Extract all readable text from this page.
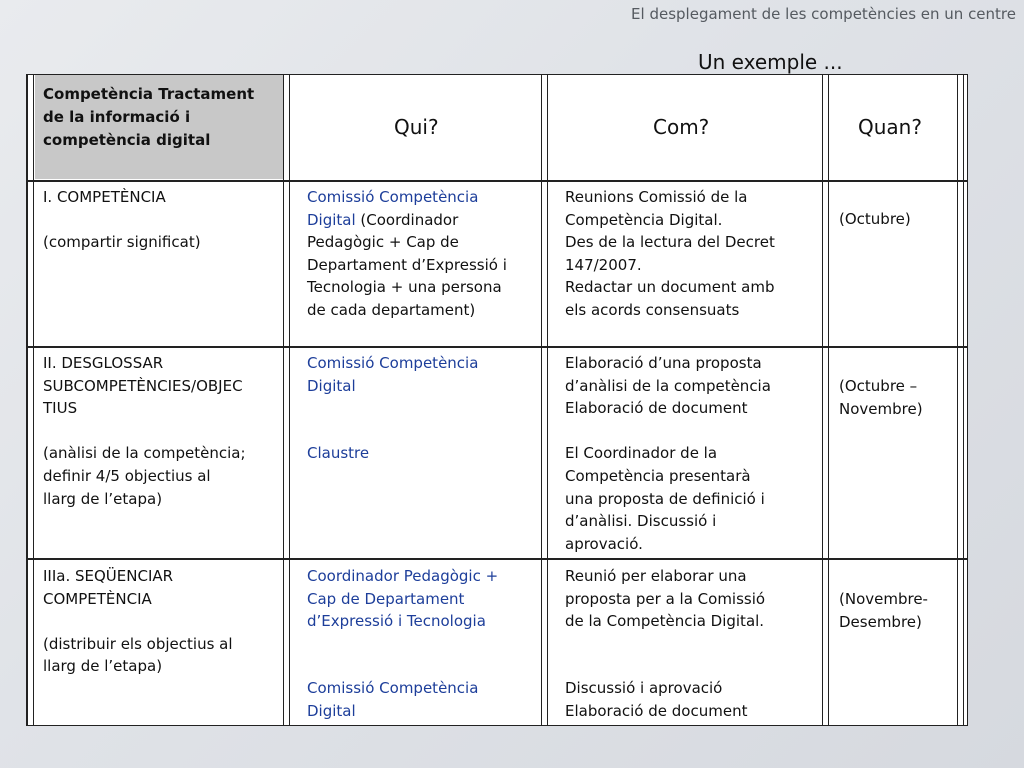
El desplegament de les competències en un centre
Un exemple ...

Competència Tractament

de la informació i

competència digital

Qui?	Com?	Quan?

I. COMPETÈNCIA

(compartir significat)

Comissió Competència

Digital (Coordinador

Pedagògic + Cap de

Departament d’Expressió i

Tecnologia + una persona

de cada departament)

Reunions Comissió de la

Competència Digital.

Des de la lectura del Decret

147/2007.

Redactar un document amb

els acords consensuats

(Octubre)

II. DESGLOSSAR

SUBCOMPETÈNCIES/OBJEC

TIUS

(anàlisi de la competència;

definir 4/5 objectius al

llarg de l’etapa)

Comissió Competència

Digital

Claustre

Elaboració d’una proposta

d’anàlisi de la competència

Elaboració de document

El Coordinador de la

Competència presentarà

una proposta de definició i

d’anàlisi. Discussió i

aprovació.

(Octubre –

Novembre)

IIIa. SEQÜENCIAR

COMPETÈNCIA

(distribuir els objectius al

llarg de l’etapa)

Coordinador Pedagògic +

Cap de Departament

d’Expressió i Tecnologia

Comissió Competència

Digital

Reunió per elaborar una

proposta per a la Comissió

de la Competència Digital.

Discussió i aprovació

Elaboració de document

(Novembre-

Desembre)
